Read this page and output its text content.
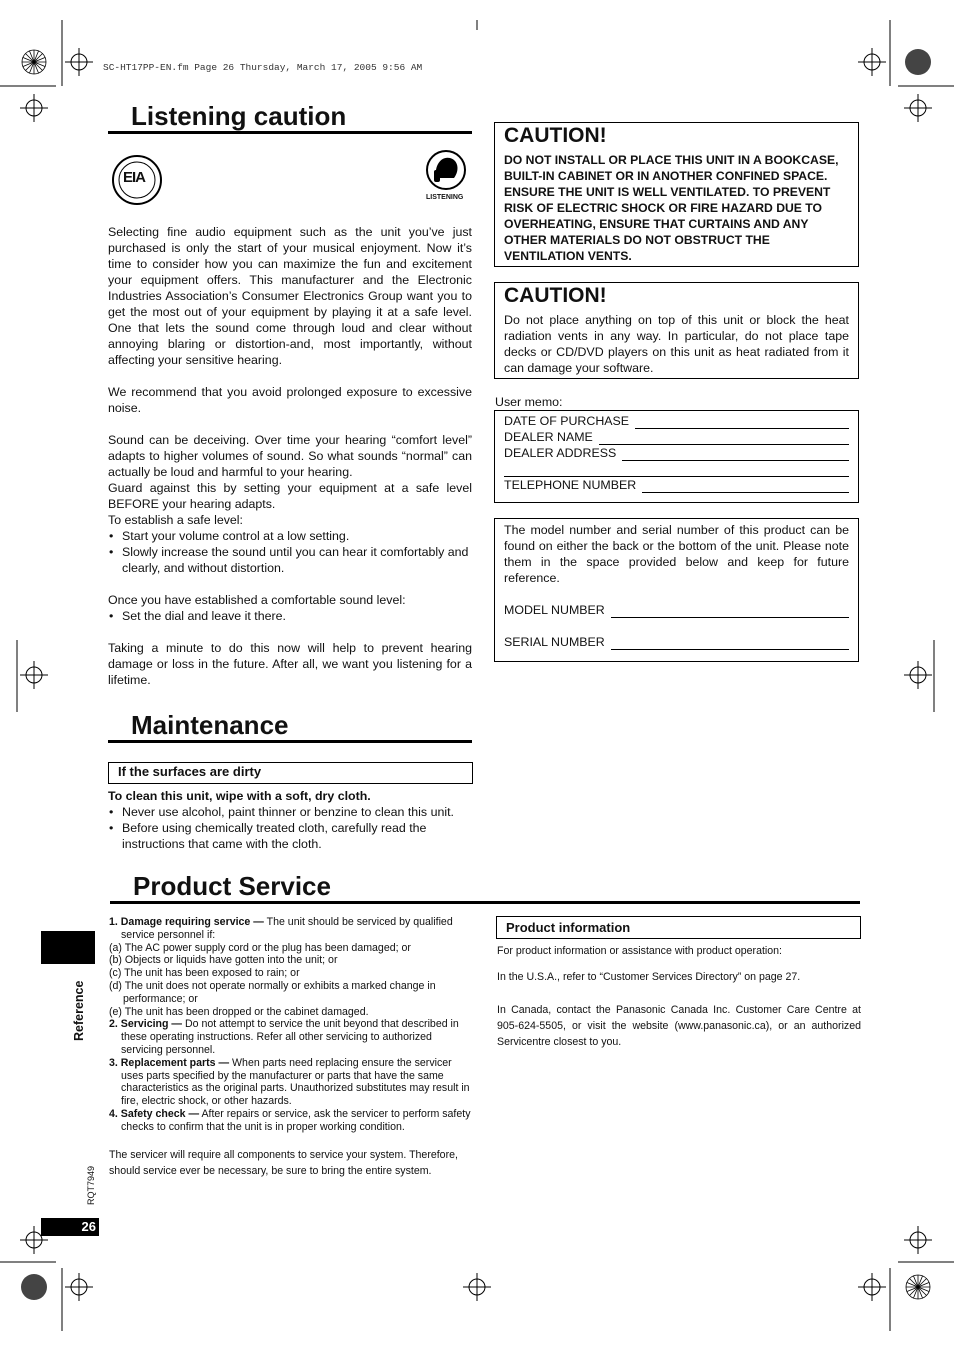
SC-HT17PP-EN.fm Page 26 Thursday, March 17, 2005 9:56 AM
Listening caution
EIA
LISTENING

Selecting fine audio equipment such as the unit you’ve just purchased is only the start of your musical enjoyment. Now it’s time to consider how you can maximize the fun and excitement your equipment offers. This manufacturer and the Electronic Industries Association’s Consumer Electronics Group want you to get the most out of your equipment by playing it at a safe level. One that lets the sound come through loud and clear without annoying blaring or distortion-and, most importantly, without affecting your sensitive hearing.

We recommend that you avoid prolonged exposure to excessive noise.

Sound can be deceiving. Over time your hearing “comfort level” adapts to higher volumes of sound. So what sounds “normal” can actually be loud and harmful to your hearing.

Guard against this by setting your equipment at a safe level BEFORE your hearing adapts.

To establish a safe level:

• Start your volume control at a low setting.
• Slowly increase the sound until you can hear it comfortably and clearly, and without distortion.

Once you have established a comfortable sound level:

• Set the dial and leave it there.

Taking a minute to do this now will help to prevent hearing damage or loss in the future. After all, we want you listening for a lifetime.

CAUTION!

DO NOT INSTALL OR PLACE THIS UNIT IN A BOOKCASE, BUILT-IN CABINET OR IN ANOTHER CONFINED SPACE. ENSURE THE UNIT IS WELL VENTILATED. TO PREVENT RISK OF ELECTRIC SHOCK OR FIRE HAZARD DUE TO OVERHEATING, ENSURE THAT CURTAINS AND ANY OTHER MATERIALS DO NOT OBSTRUCT THE VENTILATION VENTS.

CAUTION!

Do not place anything on top of this unit or block the heat radiation vents in any way. In particular, do not place tape decks or CD/DVD players on this unit as heat radiated from it can damage your software.

User memo:
DATE OF PURCHASE
DEALER NAME
DEALER ADDRESS
TELEPHONE NUMBER

The model number and serial number of this product can be found on either the back or the bottom of the unit. Please note them in the space provided below and keep for future reference.

MODEL NUMBER
SERIAL NUMBER
Maintenance
If the surfaces are dirty

To clean this unit, wipe with a soft, dry cloth.

• Never use alcohol, paint thinner or benzine to clean this unit.
• Before using chemically treated cloth, carefully read the instructions that came with the cloth.
Product Service

1. Damage requiring service — The unit should be serviced by qualified service personnel if:

(a) The AC power supply cord or the plug has been damaged; or

(b) Objects or liquids have gotten into the unit; or

(c) The unit has been exposed to rain; or

(d) The unit does not operate normally or exhibits a marked change in performance; or

(e) The unit has been dropped or the cabinet damaged.

2. Servicing — Do not attempt to service the unit beyond that described in these operating instructions. Refer all other servicing to authorized servicing personnel.

3. Replacement parts — When parts need replacing ensure the servicer uses parts specified by the manufacturer or parts that have the same characteristics as the original parts. Unauthorized substitutes may result in fire, electric shock, or other hazards.

4. Safety check — After repairs or service, ask the servicer to perform safety checks to confirm that the unit is in proper working condition.

The servicer will require all components to service your system. Therefore, should service ever be necessary, be sure to bring the entire system.

Product information

For product information or assistance with product operation:

In the U.S.A., refer to “Customer Services Directory” on page 27.

In Canada, contact the Panasonic Canada Inc. Customer Care Centre at 905-624-5505, or visit the website (www.panasonic.ca), or an authorized Servicentre closest to you.

Reference
RQT7949
26
